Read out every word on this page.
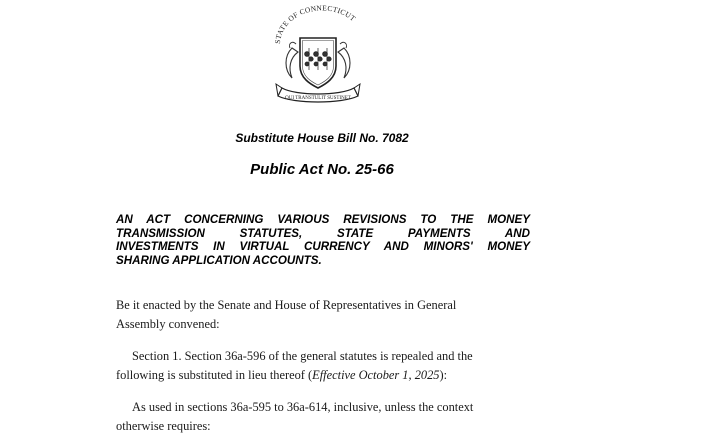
STATE OF CONNECTICUT
QUI TRANSTULIT SUSTINET
Substitute House Bill No. 7082
Public Act No. 25-66
AN ACT CONCERNING VARIOUS REVISIONS TO THE MONEY
TRANSMISSION STATUTES, STATE PAYMENTS AND
INVESTMENTS IN VIRTUAL CURRENCY AND MINORS' MONEY
SHARING APPLICATION ACCOUNTS.
Be it enacted by the Senate and House of Representatives in General
Assembly convened:
Section 1. Section 36a-596 of the general statutes is repealed and the
following is substituted in lieu thereof (Effective October 1, 2025):
As used in sections 36a-595 to 36a-614, inclusive, unless the context
otherwise requires:
